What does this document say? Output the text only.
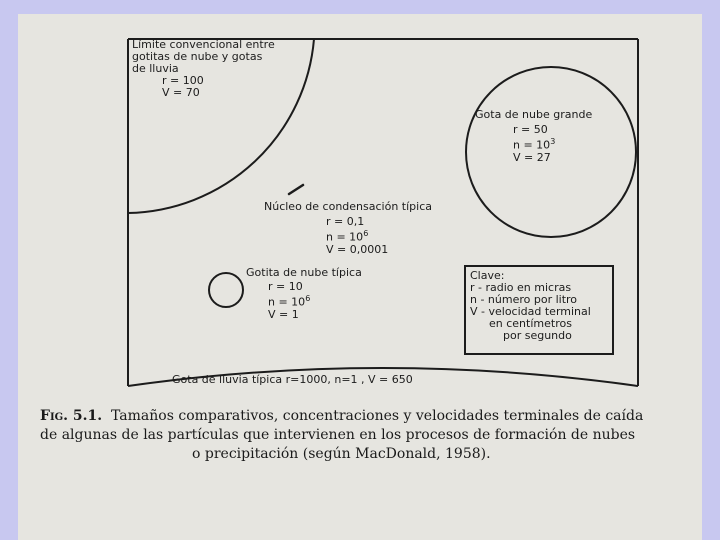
Límite convencional entre
gotitas de nube y gotas
de lluvia
r = 100
V = 70
Gota de nube grande
r = 50
$n = 10^3$
V = 27
Núcleo de condensación típica
r = 0,1
$n = 10^6$
V = 0,0001
Gotita de nube típica
r = 10
$n = 10^6$
V = 1
Clave:
r - radio en micras
n - número por litro
V - velocidad terminal
en centímetros
por segundo
Gota de lluvia típica r=1000, n=1 , V = 650
Fig. 5.1. Tamaños comparativos, concentraciones y velocidades terminales de caída
de algunas de las partículas que intervienen en los procesos de formación de nubes
o precipitación (según MacDonald, 1958).
